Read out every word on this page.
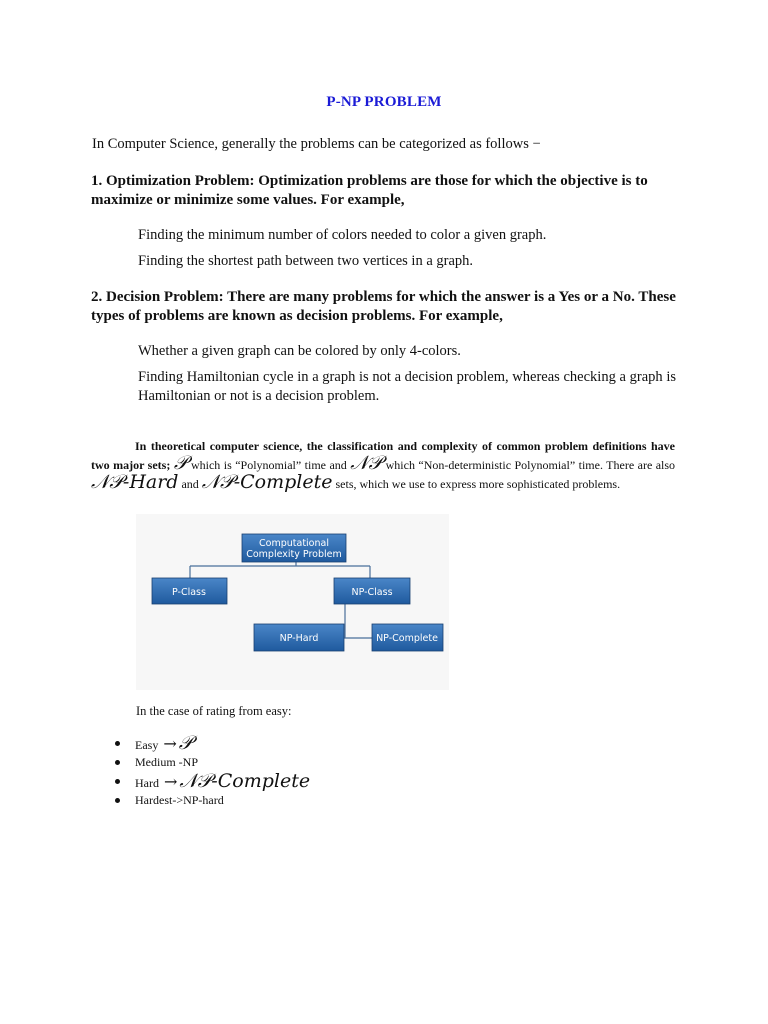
P-NP PROBLEM
In Computer Science, generally the problems can be categorized as follows −
1. Optimization Problem: Optimization problems are those for which the objective is to maximize or minimize some values. For example,
Finding the minimum number of colors needed to color a given graph.
Finding the shortest path between two vertices in a graph.
2. Decision Problem: There are many problems for which the answer is a Yes or a No. These types of problems are known as decision problems. For example,
Whether a given graph can be colored by only 4-colors.
Finding Hamiltonian cycle in a graph is not a decision problem, whereas checking a graph is Hamiltonian or not is a decision problem.
In theoretical computer science, the classification and complexity of common problem definitions have two major sets; 𝒫 which is “Polynomial” time and 𝒩𝒫 which “Non-deterministic Polynomial” time. There are also 𝒩𝒫-Hard and 𝒩𝒫-Complete sets, which we use to express more sophisticated problems.
Computational
Complexity Problem
P-Class	NP-Class
NP-Hard	NP-Complete
In the case of rating from easy:
Easy → 𝒫
Medium -NP
Hard → 𝒩𝒫-Complete
Hardest->NP-hard
